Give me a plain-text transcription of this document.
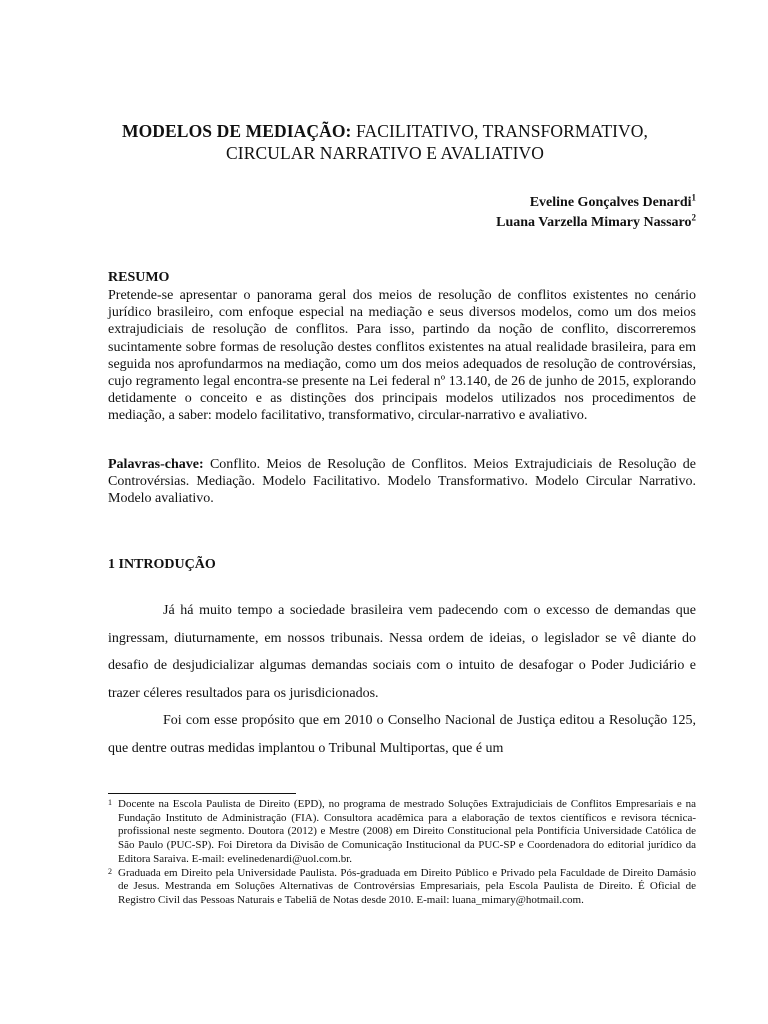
MODELOS DE MEDIAÇÃO: FACILITATIVO, TRANSFORMATIVO,
CIRCULAR NARRATIVO E AVALIATIVO
Eveline Gonçalves Denardi$^1$
Luana Varzella Mimary Nassaro$^2$
RESUMO
Pretende-se apresentar o panorama geral dos meios de resolução de conflitos existentes no cenário jurídico brasileiro, com enfoque especial na mediação e seus diversos modelos, como um dos meios extrajudiciais de resolução de conflitos. Para isso, partindo da noção de conflito, discorreremos sucintamente sobre formas de resolução destes conflitos existentes na atual realidade brasileira, para em seguida nos aprofundarmos na mediação, como um dos meios adequados de resolução de controvérsias, cujo regramento legal encontra-se presente na Lei federal nº 13.140, de 26 de junho de 2015, explorando detidamente o conceito e as distinções dos principais modelos utilizados nos procedimentos de mediação, a saber: modelo facilitativo, transformativo, circular-narrativo e avaliativo.
Palavras-chave: Conflito. Meios de Resolução de Conflitos. Meios Extrajudiciais de Resolução de Controvérsias. Mediação. Modelo Facilitativo. Modelo Transformativo. Modelo Circular Narrativo. Modelo avaliativo.
1 INTRODUÇÃO
Já há muito tempo a sociedade brasileira vem padecendo com o excesso de demandas que ingressam, diuturnamente, em nossos tribunais. Nessa ordem de ideias, o legislador se vê diante do desafio de desjudicializar algumas demandas sociais com o intuito de desafogar o Poder Judiciário e trazer céleres resultados para os jurisdicionados.
Foi com esse propósito que em 2010 o Conselho Nacional de Justiça editou a Resolução 125, que dentre outras medidas implantou o Tribunal Multiportas, que é um
1 Docente na Escola Paulista de Direito (EPD), no programa de mestrado Soluções Extrajudiciais de Conflitos Empresariais e na Fundação Instituto de Administração (FIA). Consultora acadêmica para a elaboração de textos científicos e revisora técnica-profissional neste segmento. Doutora (2012) e Mestre (2008) em Direito Constitucional pela Pontifícia Universidade Católica de São Paulo (PUC-SP). Foi Diretora da Divisão de Comunicação Institucional da PUC-SP e Coordenadora do editorial jurídico da Editora Saraiva. E-mail: evelinedenardi@uol.com.br.
2 Graduada em Direito pela Universidade Paulista. Pós-graduada em Direito Público e Privado pela Faculdade de Direito Damásio de Jesus. Mestranda em Soluções Alternativas de Controvérsias Empresariais, pela Escola Paulista de Direito. É Oficial de Registro Civil das Pessoas Naturais e Tabeliã de Notas desde 2010. E-mail: luana_mimary@hotmail.com.
